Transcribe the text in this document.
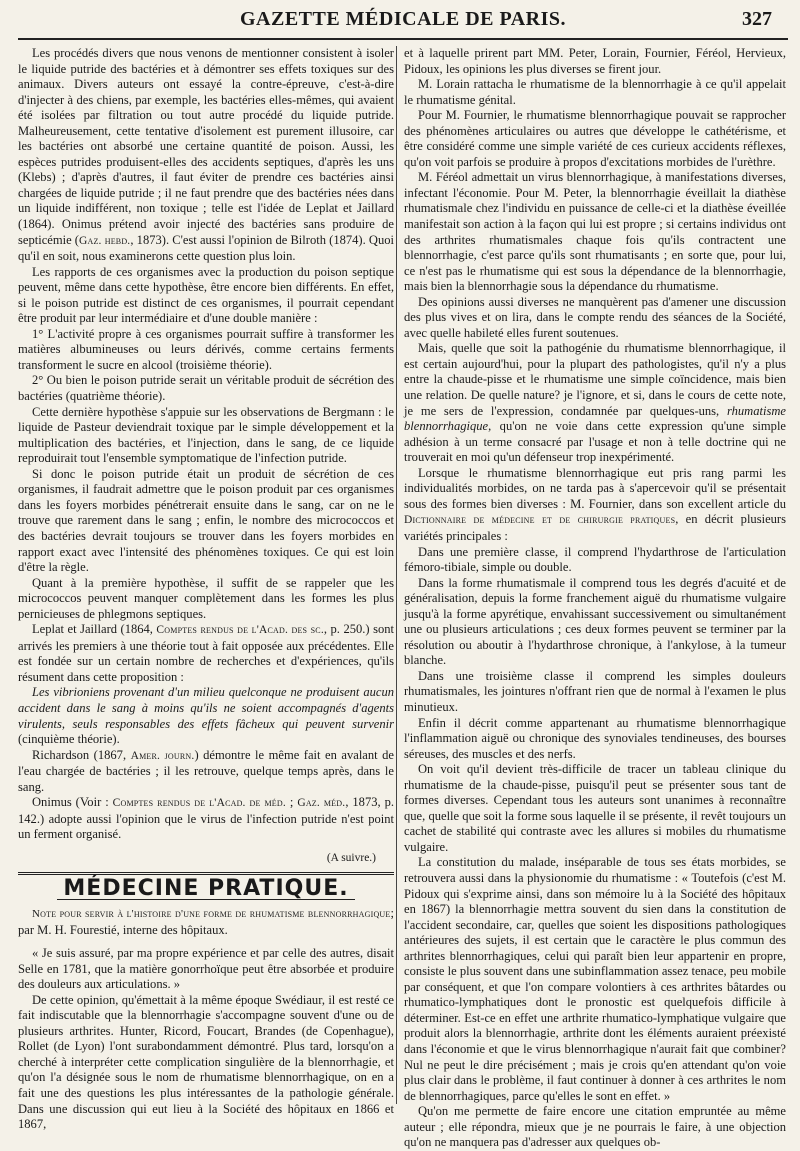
GAZETTE MÉDICALE DE PARIS.	327

Les procédés divers que nous venons de mentionner consistent à isoler le liquide putride des bactéries et à démontrer ses effets toxiques sur des animaux. Divers auteurs ont essayé la contre-épreuve, c'est-à-dire d'injecter à des chiens, par exemple, les bactéries elles-mêmes, qui avaient été isolées par filtration ou tout autre procédé du liquide putride. Malheureusement, cette tentative d'isolement est purement illusoire, car les bactéries ont absorbé une certaine quantité de poison. Aussi, les espèces putrides produisent-elles des accidents septiques, d'après les uns (Klebs) ; d'après d'autres, il faut éviter de prendre ces bactéries ainsi chargées de liquide putride ; il ne faut prendre que des bactéries nées dans un liquide indifférent, non toxique ; telle est l'idée de Leplat et Jaillard (1864). Onimus prétend avoir injecté des bactéries sans produire de septicémie (Gaz. hebd., 1873). C'est aussi l'opinion de Bilroth (1874). Quoi qu'il en soit, nous examinerons cette question plus loin.

Les rapports de ces organismes avec la production du poison septique peuvent, même dans cette hypothèse, être encore bien différents. En effet, si le poison putride est distinct de ces organismes, il pourrait cependant être produit par leur intermédiaire et d'une double manière :

1° L'activité propre à ces organismes pourrait suffire à transformer les matières albumineuses ou leurs dérivés, comme certains ferments transforment le sucre en alcool (troisième théorie).

2° Ou bien le poison putride serait un véritable produit de sécrétion des bactéries (quatrième théorie).

Cette dernière hypothèse s'appuie sur les observations de Bergmann : le liquide de Pasteur deviendrait toxique par le simple développement et la multiplication des bactéries, et l'injection, dans le sang, de ce liquide reproduirait tout l'ensemble symptomatique de l'infection putride.

Si donc le poison putride était un produit de sécrétion de ces organismes, il faudrait admettre que le poison produit par ces organismes dans les foyers morbides pénétrerait ensuite dans le sang, car on ne le trouve que rarement dans le sang ; enfin, le nombre des micrococcos et des bactéries devrait toujours se trouver dans les foyers morbides en rapport exact avec l'intensité des phénomènes toxiques. Ce qui est loin d'être la règle.

Quant à la première hypothèse, il suffit de se rappeler que les micrococcos peuvent manquer complètement dans les formes les plus pernicieuses de phlegmons septiques.

Leplat et Jaillard (1864, Comptes rendus de l'Acad. des sc., p. 250.) sont arrivés les premiers à une théorie tout à fait opposée aux précédentes. Elle est fondée sur un certain nombre de recherches et d'expériences, qu'ils résument dans cette proposition :

Les vibrioniens provenant d'un milieu quelconque ne produisent aucun accident dans le sang à moins qu'ils ne soient accompagnés d'agents virulents, seuls responsables des effets fâcheux qui peuvent survenir (cinquième théorie).

Richardson (1867, Amer. journ.) démontre le même fait en avalant de l'eau chargée de bactéries ; il les retrouve, quelque temps après, dans le sang.

Onimus (Voir : Comptes rendus de l'Acad. de méd. ; Gaz. méd., 1873, p. 142.) adopte aussi l'opinion que le virus de l'infection putride n'est point un ferment organisé.

(A suivre.)

MÉDECINE PRATIQUE.

Note pour servir à l'histoire d'une forme de rhumatisme blennorrhagique; par M. H. Fourestié, interne des hôpitaux.

« Je suis assuré, par ma propre expérience et par celle des autres, disait Selle en 1781, que la matière gonorrhoïque peut être absorbée et produire des douleurs aux articulations. »

De cette opinion, qu'émettait à la même époque Swédiaur, il est resté ce fait indiscutable que la blennorrhagie s'accompagne souvent d'une ou de plusieurs arthrites. Hunter, Ricord, Foucart, Brandes (de Copenhague), Rollet (de Lyon) l'ont surabondamment démontré. Plus tard, lorsqu'on a cherché à interpréter cette complication singulière de la blennorrhagie, et qu'on l'a désignée sous le nom de rhumatisme blennorrhagique, on en a fait une des questions les plus intéressantes de la pathologie générale. Dans une discussion qui eut lieu à la Société des hôpitaux en 1866 et 1867,

et à laquelle prirent part MM. Peter, Lorain, Fournier, Féréol, Hervieux, Pidoux, les opinions les plus diverses se firent jour.

M. Lorain rattacha le rhumatisme de la blennorrhagie à ce qu'il appelait le rhumatisme génital.

Pour M. Fournier, le rhumatisme blennorrhagique pouvait se rapprocher des phénomènes articulaires ou autres que développe le cathétérisme, et être considéré comme une simple variété de ces curieux accidents réflexes, qu'on voit parfois se produire à propos d'excitations morbides de l'urèthre.

M. Féréol admettait un virus blennorrhagique, à manifestations diverses, infectant l'économie. Pour M. Peter, la blennorrhagie éveillait la diathèse rhumatismale chez l'individu en puissance de celle-ci et la diathèse éveillée manifestait son action à la façon qui lui est propre ; si certains individus ont des arthrites rhumatismales chaque fois qu'ils contractent une blennorrhagie, c'est parce qu'ils sont rhumatisants ; en sorte que, pour lui, ce n'est pas le rhumatisme qui est sous la dépendance de la blennorrhagie, mais bien la blennorrhagie sous la dépendance du rhumatisme.

Des opinions aussi diverses ne manquèrent pas d'amener une discussion des plus vives et on lira, dans le compte rendu des séances de la Société, avec quelle habileté elles furent soutenues.

Mais, quelle que soit la pathogénie du rhumatisme blennorrhagique, il est certain aujourd'hui, pour la plupart des pathologistes, qu'il n'y a plus entre la chaude-pisse et le rhumatisme une simple coïncidence, mais bien une relation. De quelle nature? je l'ignore, et si, dans le cours de cette note, je me sers de l'expression, condamnée par quelques-uns, rhumatisme blennorrhagique, qu'on ne voie dans cette expression qu'une simple adhésion à un terme consacré par l'usage et non à telle doctrine qui ne trouverait en moi qu'un défenseur trop inexpérimenté.

Lorsque le rhumatisme blennorrhagique eut pris rang parmi les individualités morbides, on ne tarda pas à s'apercevoir qu'il se présentait sous des formes bien diverses : M. Fournier, dans son excellent article du Dictionnaire de médecine et de chirurgie pratiques, en décrit plusieurs variétés principales :

Dans une première classe, il comprend l'hydarthrose de l'articulation fémoro-tibiale, simple ou double.

Dans la forme rhumatismale il comprend tous les degrés d'acuité et de généralisation, depuis la forme franchement aiguë du rhumatisme vulgaire jusqu'à la forme apyrétique, envahissant successivement ou simultanément une ou plusieurs articulations ; ces deux formes peuvent se terminer par la résolution ou aboutir à l'hydarthrose chronique, à l'ankylose, à la tumeur blanche.

Dans une troisième classe il comprend les simples douleurs rhumatismales, les jointures n'offrant rien que de normal à l'examen le plus minutieux.

Enfin il décrit comme appartenant au rhumatisme blennorrhagique l'inflammation aiguë ou chronique des synoviales tendineuses, des bourses séreuses, des muscles et des nerfs.

On voit qu'il devient très-difficile de tracer un tableau clinique du rhumatisme de la chaude-pisse, puisqu'il peut se présenter sous tant de formes diverses. Cependant tous les auteurs sont unanimes à reconnaître que, quelle que soit la forme sous laquelle il se présente, il revêt toujours un cachet de stabilité qui contraste avec les allures si mobiles du rhumatisme vulgaire.

La constitution du malade, inséparable de tous ses états morbides, se retrouvera aussi dans la physionomie du rhumatisme : « Toutefois (c'est M. Pidoux qui s'exprime ainsi, dans son mémoire lu à la Société des hôpitaux en 1867) la blennorrhagie mettra souvent du sien dans la constitution de l'accident secondaire, car, quelles que soient les dispositions pathologiques antérieures des sujets, il est certain que le caractère le plus commun des arthrites blennorrhagiques, celui qui paraît bien leur appartenir en propre, consiste le plus souvent dans une subinflammation assez tenace, peu mobile par conséquent, et que l'on compare volontiers à ces arthrites bâtardes ou rhumatico-lymphatiques dont le pronostic est quelquefois difficile à déterminer. Est-ce en effet une arthrite rhumatico-lymphatique vulgaire que produit alors la blennorrhagie, arthrite dont les éléments auraient préexisté dans l'économie et que le virus blennorrhagique n'aurait fait que combiner? Nul ne peut le dire précisément ; mais je crois qu'en attendant qu'on voie plus clair dans le problème, il faut continuer à donner à ces arthrites le nom de blennorrhagiques, parce qu'elles le sont en effet. »

Qu'on me permette de faire encore une citation empruntée au même auteur ; elle répondra, mieux que je ne pourrais le faire, à une objection qu'on ne manquera pas d'adresser aux quelques ob-
